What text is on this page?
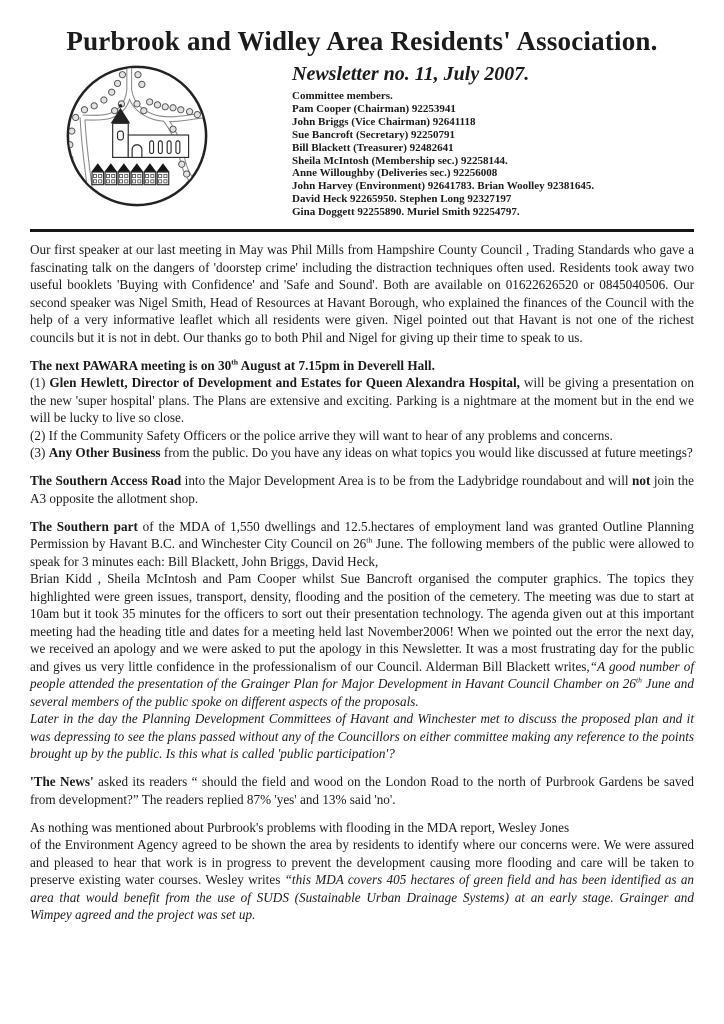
Purbrook and Widley Area Residents' Association.
Newsletter no. 11, July 2007.
Committee members.
Pam Cooper (Chairman) 92253941
John Briggs (Vice Chairman) 92641118
Sue Bancroft (Secretary) 92250791
Bill Blackett (Treasurer) 92482641
Sheila McIntosh (Membership sec.) 92258144.
Anne Willoughby (Deliveries sec.) 92256008
John Harvey (Environment) 92641783. Brian Woolley 92381645.
David Heck 92265950. Stephen Long 92327197
Gina Doggett 92255890. Muriel Smith 92254797.

Our first speaker at our last meeting in May was Phil Mills from Hampshire County Council , Trading Standards who gave a fascinating talk on the dangers of 'doorstep crime' including the distraction techniques often used. Residents took away two useful booklets 'Buying with Confidence' and 'Safe and Sound'. Both are available on 01622626520 or 0845040506. Our second speaker was Nigel Smith, Head of Resources at Havant Borough, who explained the finances of the Council with the help of a very informative leaflet which all residents were given. Nigel pointed out that Havant is not one of the richest councils but it is not in debt. Our thanks go to both Phil and Nigel for giving up their time to speak to us.

The next PAWARA meeting is on 30th August at 7.15pm in Deverell Hall.

(1) Glen Hewlett, Director of Development and Estates for Queen Alexandra Hospital, will be giving a presentation on the new 'super hospital' plans. The Plans are extensive and exciting. Parking is a nightmare at the moment but in the end we will be lucky to live so close.

(2) If the Community Safety Officers or the police arrive they will want to hear of any problems and concerns.

(3) Any Other Business from the public. Do you have any ideas on what topics you would like discussed at future meetings?

The Southern Access Road into the Major Development Area is to be from the Ladybridge roundabout and will not join the A3 opposite the allotment shop.

The Southern part of the MDA of 1,550 dwellings and 12.5.hectares of employment land was granted Outline Planning Permission by Havant B.C. and Winchester City Council on 26th June. The following members of the public were allowed to speak for 3 minutes each: Bill Blackett, John Briggs, David Heck,
Brian Kidd , Sheila McIntosh and Pam Cooper whilst Sue Bancroft organised the computer graphics. The topics they highlighted were green issues, transport, density, flooding and the position of the cemetery. The meeting was due to start at 10am but it took 35 minutes for the officers to sort out their presentation technology. The agenda given out at this important meeting had the heading title and dates for a meeting held last November2006! When we pointed out the error the next day, we received an apology and we were asked to put the apology in this Newsletter. It was a most frustrating day for the public and gives us very little confidence in the professionalism of our Council. Alderman Bill Blackett writes,“A good number of people attended the presentation of the Grainger Plan for Major Development in Havant Council Chamber on 26th June and several members of the public spoke on different aspects of the proposals.
Later in the day the Planning Development Committees of Havant and Winchester met to discuss the proposed plan and it was depressing to see the plans passed without any of the Councillors on either committee making any reference to the points brought up by the public. Is this what is called 'public participation'?

'The News' asked its readers “ should the field and wood on the London Road to the north of Purbrook Gardens be saved from development?” The readers replied 87% 'yes' and 13% said 'no'.

As nothing was mentioned about Purbrook's problems with flooding in the MDA report, Wesley Jones
of the Environment Agency agreed to be shown the area by residents to identify where our concerns were. We were assured and pleased to hear that work is in progress to prevent the development causing more flooding and care will be taken to preserve existing water courses. Wesley writes “this MDA covers 405 hectares of green field and has been identified as an area that would benefit from the use of SUDS (Sustainable Urban Drainage Systems) at an early stage. Grainger and Wimpey agreed and the project was set up.
